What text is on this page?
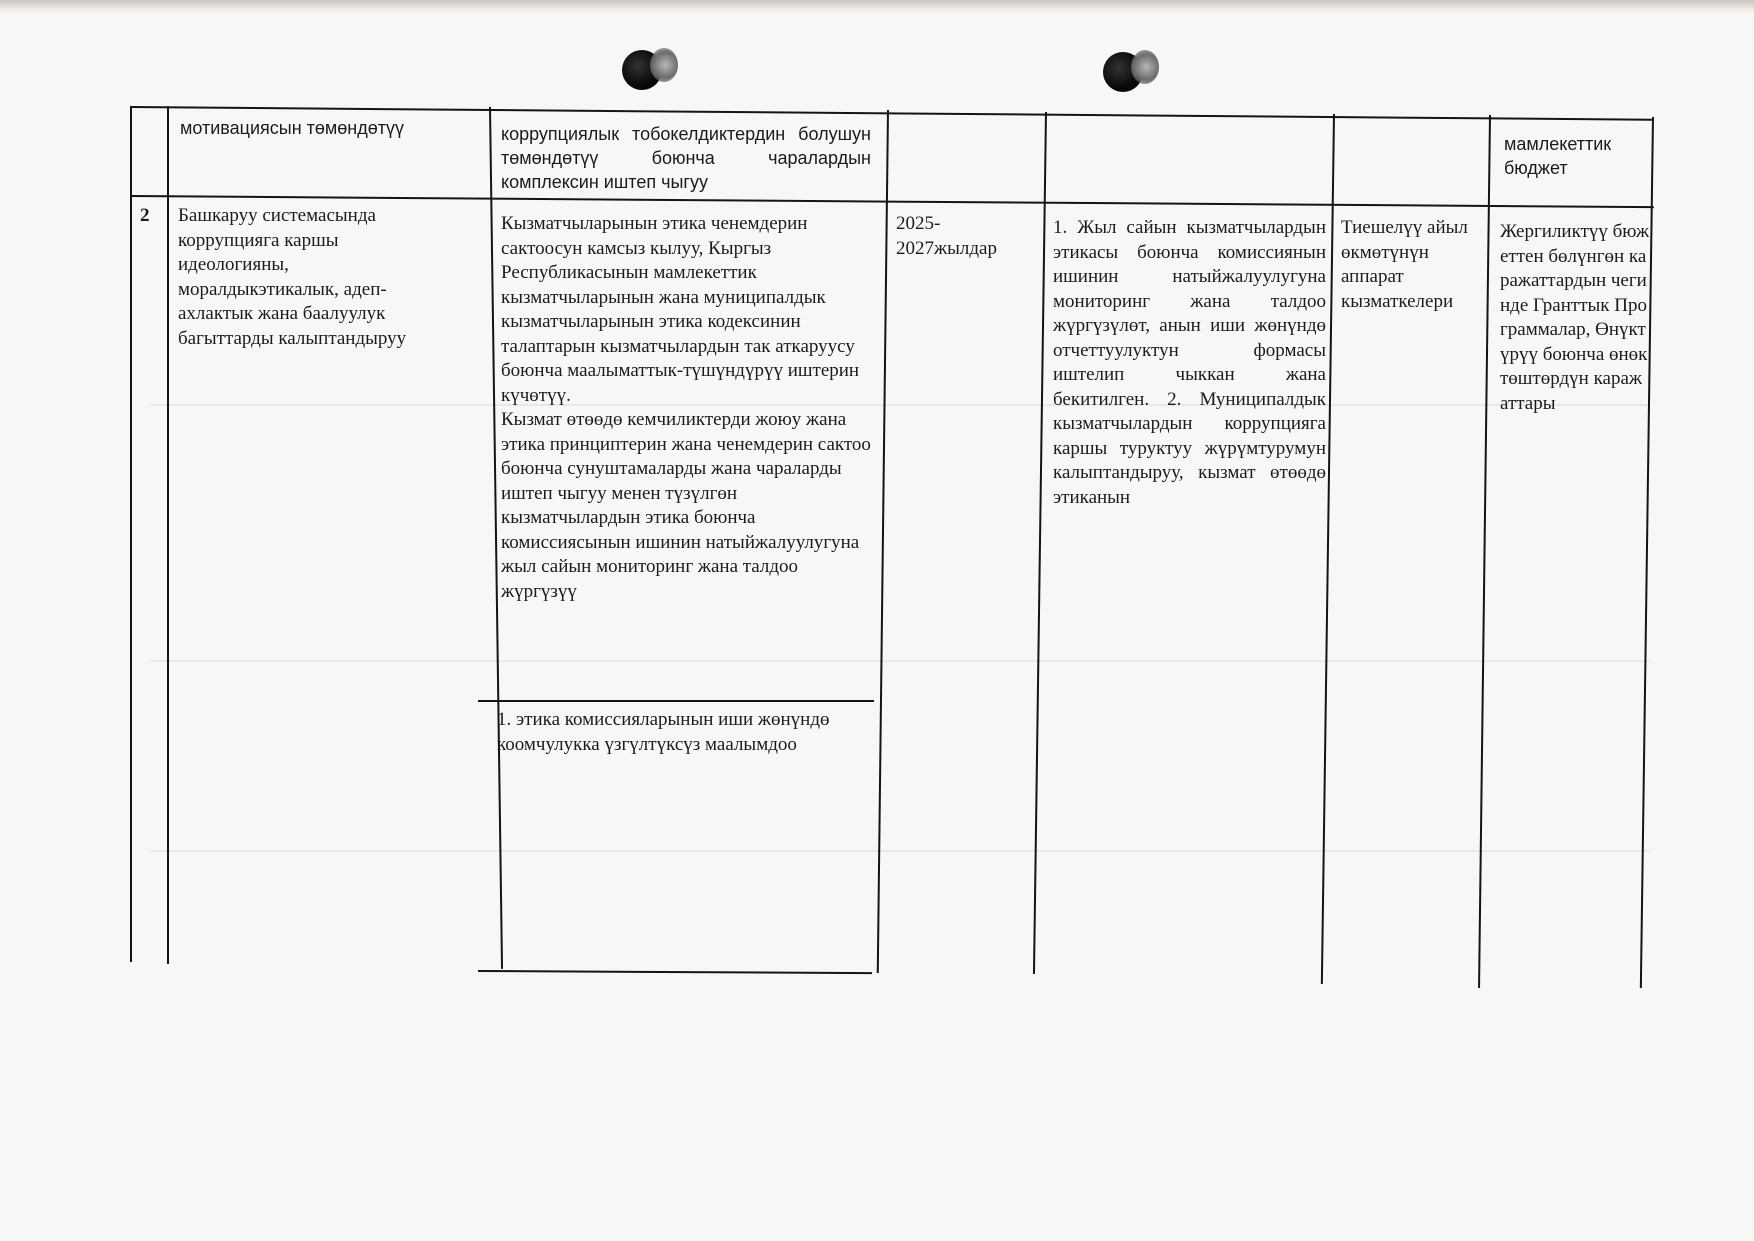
мотивациясын төмөндөтүү	коррупциялык тобокелдиктердин болушун төмөндөтүү боюнча чаралардын комплексин иштеп чыгуу
мамлекеттик бюджет
2	Башкаруу системасында коррупцияга каршы идеологияны, моралдыкэтикалык, адеп-ахлактык жана баалуулук багыттарды калыптандыруу
Кызматчыларынын этика ченемдерин сактоосун камсыз кылуу, Кыргыз Республикасынын мамлекеттик кызматчыларынын жана муниципалдык кызматчыларынын этика кодексинин талаптарын кызматчылардын так аткаруусу боюнча маалыматтык-түшүндүрүү иштерин күчөтүү.
Кызмат өтөөдө кемчиликтерди жоюу жана этика принциптерин жана ченемдерин сактоо боюнча сунуштамаларды жана чараларды иштеп чыгуу менен түзүлгөн кызматчылардын этика боюнча комиссиясынын ишинин натыйжалуулугуна жыл сайын мониторинг жана талдоо жүргүзүү
1. этика комиссияларынын иши жөнүндө коомчулукка үзгүлтүксүз маалымдоо
2025-2027жылдар
1. Жыл сайын кызматчылардын этикасы боюнча комиссиянын ишинин натыйжалуулугуна мониторинг жана талдоо жүргүзүлөт, анын иши жөнүндө отчеттуулуктун формасы иштелип чыккан жана бекитилген. 2. Муниципалдык кызматчылардын коррупцияга каршы туруктуу жүрүмтурумун калыптандыруу, кызмат өтөөдө этиканын
Тиешелүү айыл өкмөтүнүн аппарат кызматкелери
Жергиликтүү бюжеттен бөлүнгөн каражаттардын чегинде Гранттык Программалар, Өнүктүрүү боюнча өнөктөштөрдүн каражаттары
